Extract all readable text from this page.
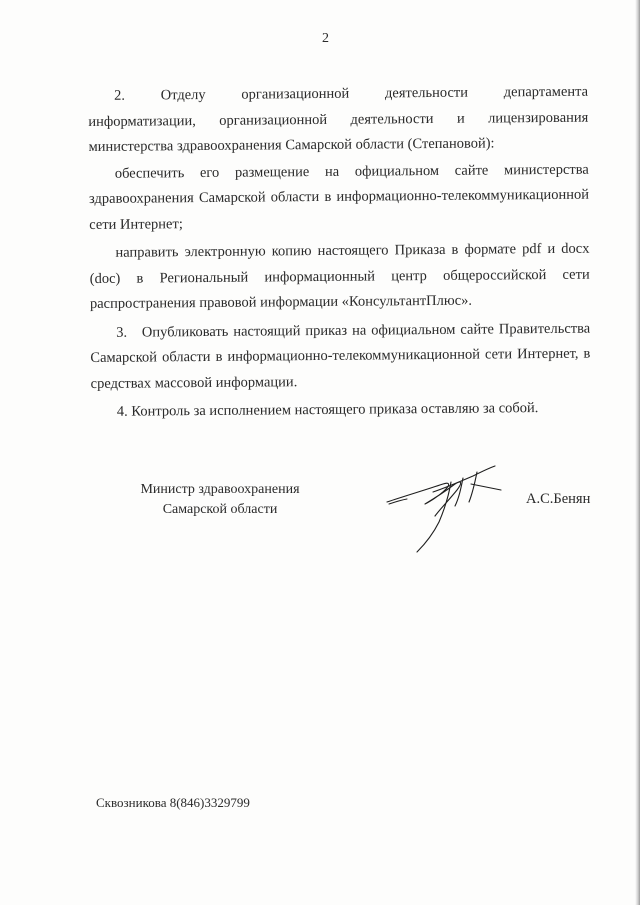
2

2.    Отделу    организационной    деятельности    департамента информатизации, организационной деятельности и лицензирования министерства здравоохранения Самарской области (Степановой):

обеспечить его размещение на официальном сайте министерства здравоохранения Самарской области в информационно-телекоммуникационной сети Интернет;

направить электронную копию настоящего Приказа в формате pdf и docx (doc) в Региональный информационный центр общероссийской сети распространения правовой информации «КонсультантПлюс».

3.   Опубликовать настоящий приказ на официальном сайте Правительства Самарской области в информационно-телекоммуникационной сети Интернет, в средствах массовой информации.

4. Контроль за исполнением настоящего приказа оставляю за собой.

Министр здравоохранения
Самарской области
А.С.Бенян
Сквозникова 8(846)3329799
